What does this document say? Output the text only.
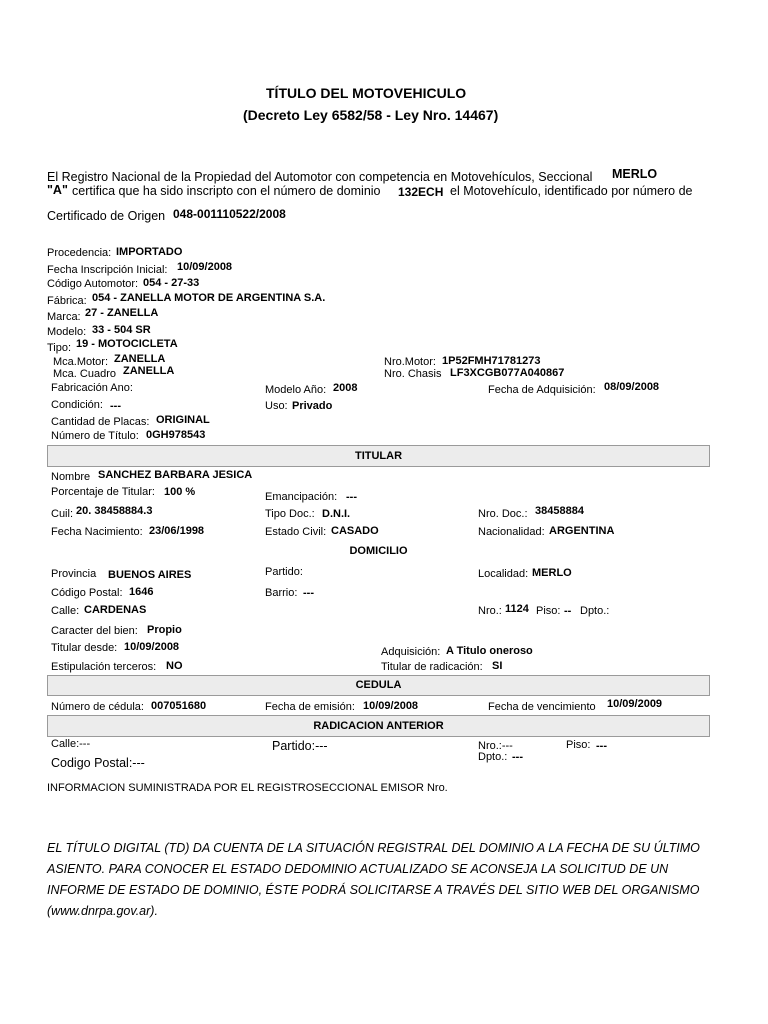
TÍTULO DEL MOTOVEHICULO
(Decreto Ley 6582/58 - Ley Nro. 14467)
El Registro Nacional de la Propiedad del Automotor con competencia en Motovehículos, Seccional MERLO
"A" certifica que ha sido inscripto con el número de dominio 132ECH el Motovehículo, identificado por número de
Certificado de Origen 048-001110522/2008
Procedencia: IMPORTADO
Fecha Inscripción Inicial: 10/09/2008
Código Automotor: 054 - 27-33
Fábrica: 054 - ZANELLA MOTOR DE ARGENTINA S.A.
Marca: 27 - ZANELLA
Modelo: 33 - 504 SR
Tipo: 19 - MOTOCICLETA
Mca.Motor: ZANELLA
Mca. Cuadro ZANELLA
Nro.Motor: 1P52FMH71781273
Nro. Chasis LF3XCGB077A040867
Fabricación Ano:	Modelo Año: 2008	Fecha de Adquisición: 08/09/2008
Condición: ---	Uso: Privado
Cantidad de Placas: ORIGINAL
Número de Título: 0GH978543
TITULAR
Nombre SANCHEZ BARBARA JESICA
Porcentaje de Titular: 100 %	Emancipación: ---
Cuil: 20. 38458884.3	Tipo Doc.: D.N.I.	Nro. Doc.: 38458884
Fecha Nacimiento: 23/06/1998	Estado Civil: CASADO	Nacionalidad: ARGENTINA
DOMICILIO
Provincia BUENOS AIRES	Partido:	Localidad: MERLO
Código Postal: 1646	Barrio: ---
Calle: CARDENAS	Nro.: 1124 Piso: -- Dpto.:
Caracter del bien: Propio
Titular desde: 10/09/2008	Adquisición: A Titulo oneroso
Estipulación terceros: NO	Titular de radicación: SI
CEDULA
Número de cédula: 007051680	Fecha de emisión: 10/09/2008	Fecha de vencimiento 10/09/2009
RADICACION ANTERIOR
Calle:---	Partido:---	Nro.:---	Piso: ---
Dpto.: ---
Codigo Postal:---
INFORMACION SUMINISTRADA POR EL REGISTROSECCIONAL EMISOR Nro.
EL TÍTULO DIGITAL (TD) DA CUENTA DE LA SITUACIÓN REGISTRAL DEL DOMINIO A LA FECHA DE SU ÚLTIMO ASIENTO. PARA CONOCER EL ESTADO DEDOMINIO ACTUALIZADO SE ACONSEJA LA SOLICITUD DE UN INFORME DE ESTADO DE DOMINIO, ÉSTE PODRÁ SOLICITARSE A TRAVÉS DEL SITIO WEB DEL ORGANISMO (www.dnrpa.gov.ar).
